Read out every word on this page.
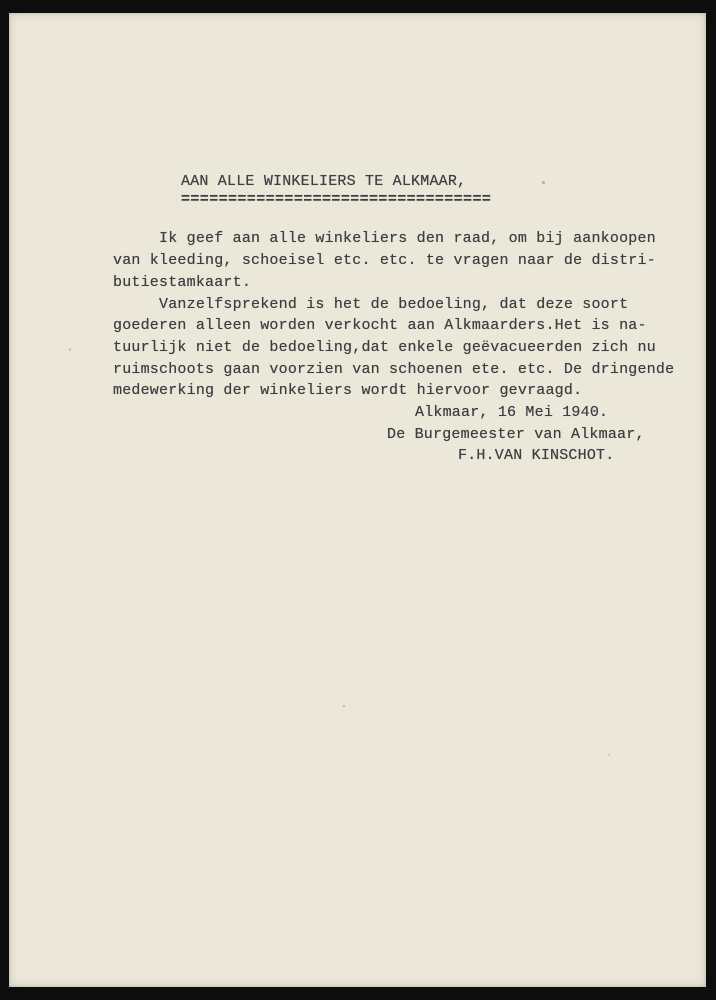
AAN ALLE WINKELIERS TE ALKMAAR,
=================================
Ik geef aan alle winkeliers den raad, om bij aankoopen
van kleeding, schoeisel etc. etc. te vragen naar de distri-
butiestamkaart.
Vanzelfsprekend is het de bedoeling, dat deze soort
goederen alleen worden verkocht aan Alkmaarders.Het is na-
tuurlijk niet de bedoeling,dat enkele geëvacueerden zich nu
ruimschoots gaan voorzien van schoenen ete. etc. De dringende
medewerking der winkeliers wordt hiervoor gevraagd.
Alkmaar, 16 Mei 1940.
De Burgemeester van Alkmaar,
F.H.VAN KINSCHOT.
